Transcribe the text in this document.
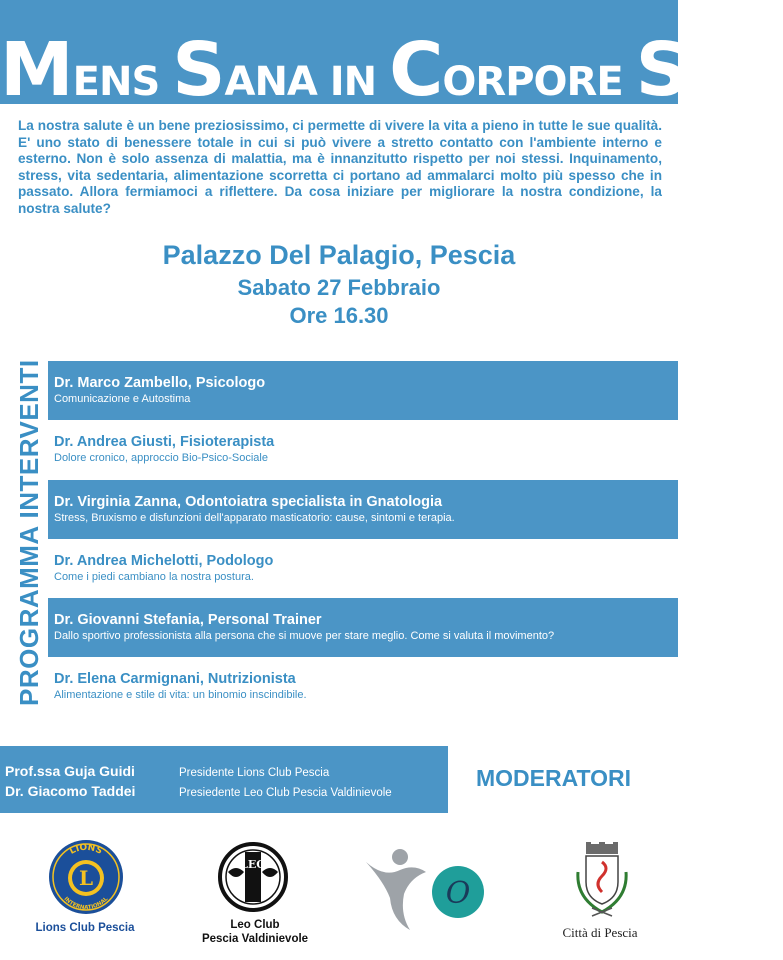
MENS SANA IN CORPORE SANO
La nostra salute è un bene preziosissimo, ci permette di vivere la vita a pieno in tutte le sue qualità. E' uno stato di benessere totale in cui si può vivere a stretto contatto con l'ambiente interno e esterno. Non è solo assenza di malattia, ma è innanzitutto rispetto per noi stessi. Inquinamento, stress, vita sedentaria, alimentazione scorretta ci portano ad ammalarci molto più spesso che in passato. Allora fermiamoci a riflettere. Da cosa iniziare per migliorare la nostra condizione, la nostra salute?
Palazzo Del Palagio, Pescia
Sabato 27 Febbraio
Ore 16.30
PROGRAMMA INTERVENTI Dr. Marco Zambello, Psicologo
Comunicazione e Autostima
Dr. Andrea Giusti, Fisioterapista
Dolore cronico, approccio Bio-Psico-Sociale
Dr. Virginia Zanna, Odontoiatra specialista in Gnatologia
Stress, Bruxismo e disfunzioni dell'apparato masticatorio: cause, sintomi e terapia.
Dr. Andrea Michelotti, Podologo
Come i piedi cambiano la nostra postura.
Dr. Giovanni Stefania, Personal Trainer
Dallo sportivo professionista alla persona che si muove per stare meglio. Come si valuta il movimento?
Dr. Elena Carmignani, Nutrizionista
Alimentazione e stile di vita: un binomio inscindibile.
Prof.ssa Guja Guidi	Presidente Lions Club Pescia
Dr. Giacomo Taddei	Presiedente Leo Club Pescia Valdinievole
MODERATORI
LIONS
INTERNATIONAL
L
Lions Club Pescia
LEO
Leo Club
Pescia Valdinievole
O
Città di Pescia
